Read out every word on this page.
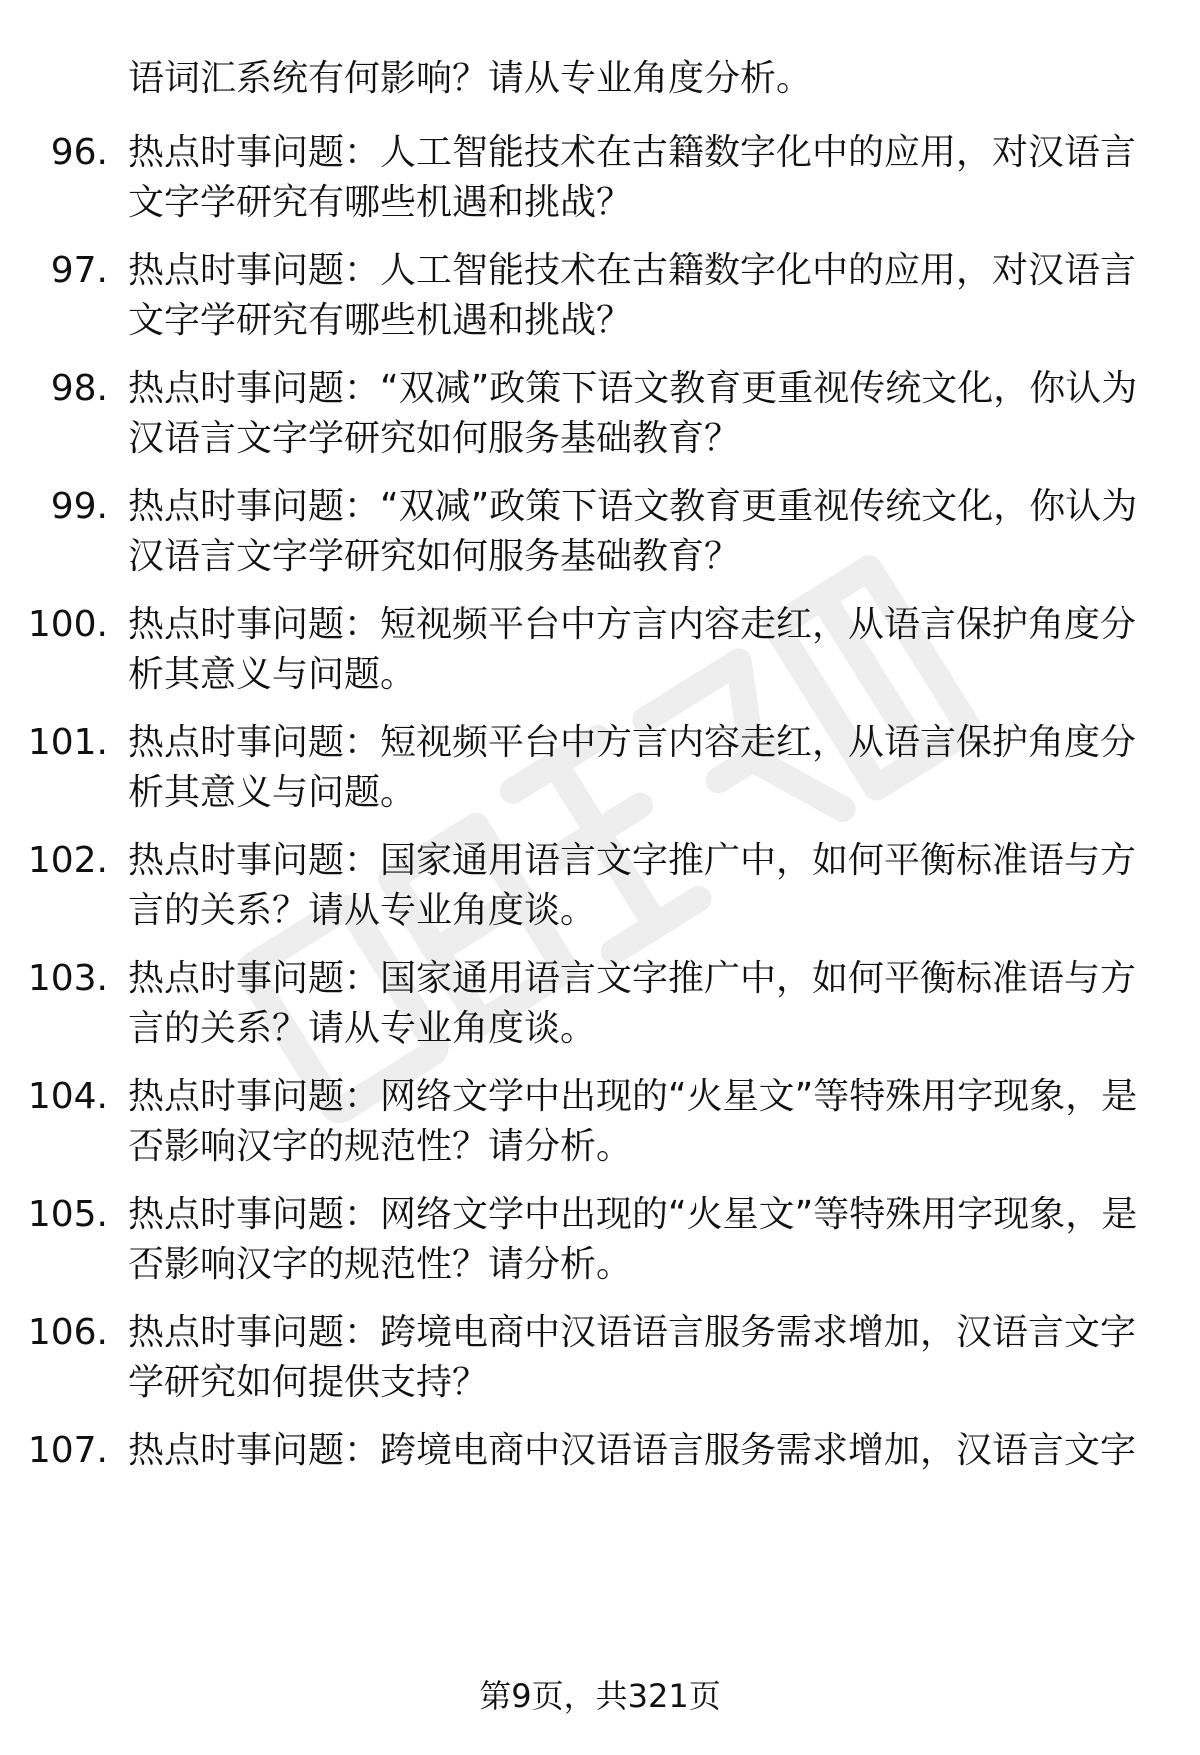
语词汇系统有何影响？请从专业角度分析。
96. 热点时事问题：人工智能技术在古籍数字化中的应用，对汉语言文字学研究有哪些机遇和挑战？
97. 热点时事问题：人工智能技术在古籍数字化中的应用，对汉语言文字学研究有哪些机遇和挑战？
98. 热点时事问题：“双减”政策下语文教育更重视传统文化，你认为汉语言文字学研究如何服务基础教育？
99. 热点时事问题：“双减”政策下语文教育更重视传统文化，你认为汉语言文字学研究如何服务基础教育？
100. 热点时事问题：短视频平台中方言内容走红，从语言保护角度分析其意义与问题。
101. 热点时事问题：短视频平台中方言内容走红，从语言保护角度分析其意义与问题。
102. 热点时事问题：国家通用语言文字推广中，如何平衡标准语与方言的关系？请从专业角度谈。
103. 热点时事问题：国家通用语言文字推广中，如何平衡标准语与方言的关系？请从专业角度谈。
104. 热点时事问题：网络文学中出现的“火星文”等特殊用字现象，是否影响汉字的规范性？请分析。
105. 热点时事问题：网络文学中出现的“火星文”等特殊用字现象，是否影响汉字的规范性？请分析。
106. 热点时事问题：跨境电商中汉语语言服务需求增加，汉语言文字学研究如何提供支持？
107. 热点时事问题：跨境电商中汉语语言服务需求增加，汉语言文字
第9页，共321页
